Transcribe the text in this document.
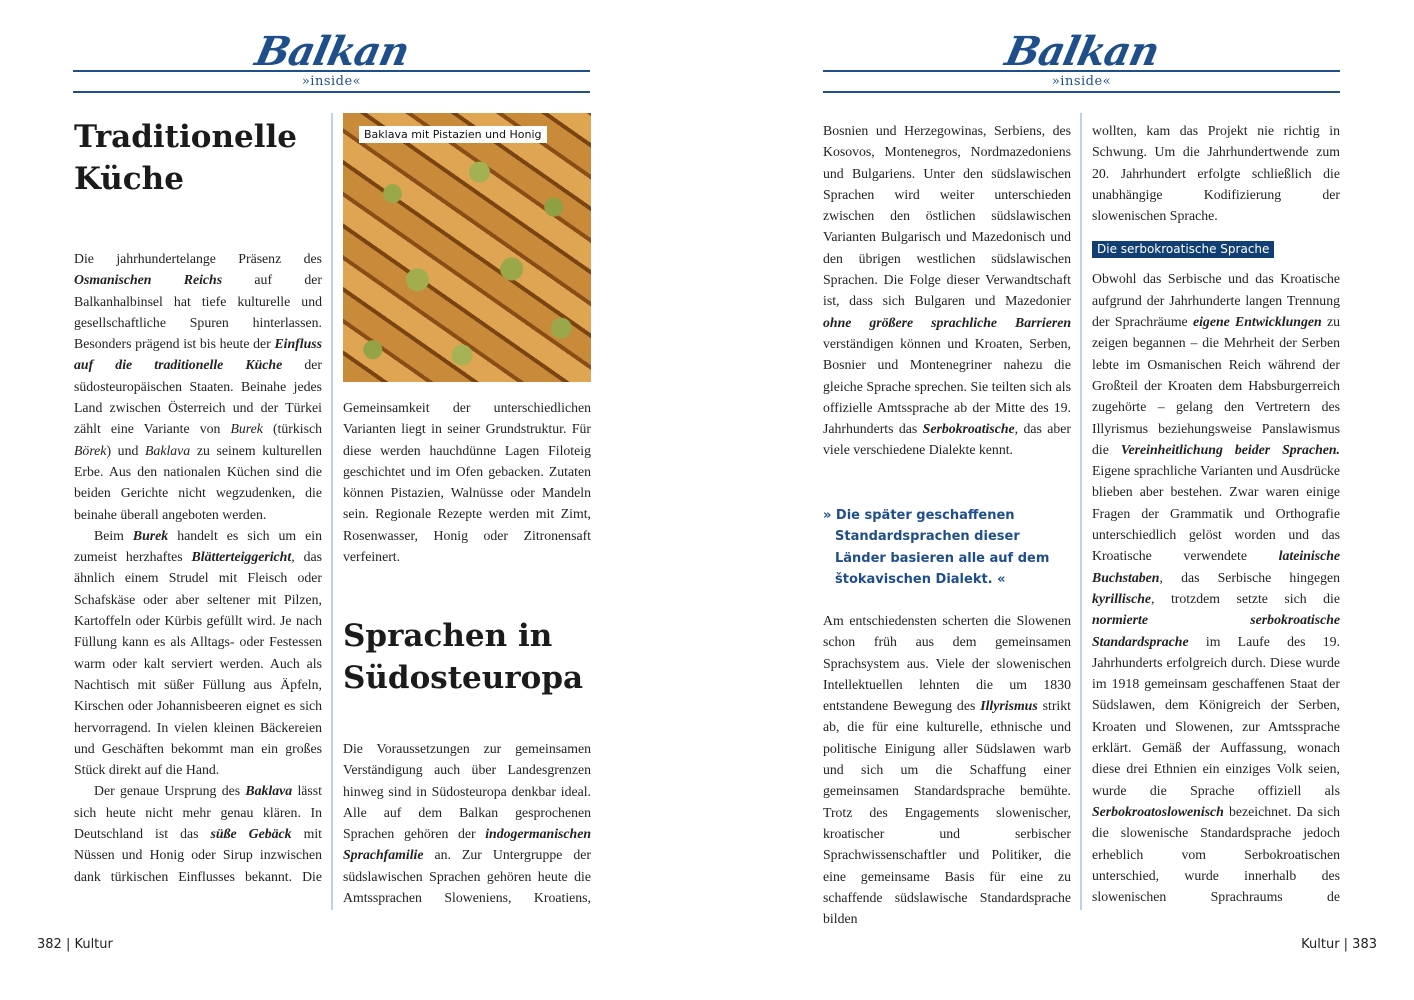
Balkan
»inside«
Balkan
»inside«
Traditionelle Küche

Die jahrhundertelange Präsenz des Osmanischen Reichs auf der Balkanhalbinsel hat tiefe kulturelle und gesellschaftliche Spuren hinterlassen. Besonders prägend ist bis heute der Einfluss auf die traditionelle Küche der südosteuropäischen Staaten. Beinahe jedes Land zwischen Österreich und der Türkei zählt eine Variante von Burek (türkisch Börek) und Baklava zu seinem kulturellen Erbe. Aus den nationalen Küchen sind die beiden Gerichte nicht wegzudenken, die beinahe überall angeboten werden.

Beim Burek handelt es sich um ein zumeist herzhaftes Blätterteiggericht, das ähnlich einem Strudel mit Fleisch oder Schafskäse oder aber seltener mit Pilzen, Kartoffeln oder Kürbis gefüllt wird. Je nach Füllung kann es als Alltags- oder Festessen warm oder kalt serviert werden. Auch als Nachtisch mit süßer Füllung aus Äpfeln, Kirschen oder Johannisbeeren eignet es sich hervorragend. In vielen kleinen Bäckereien und Geschäften bekommt man ein großes Stück direkt auf die Hand.

Der genaue Ursprung des Baklava lässt sich heute nicht mehr genau klären. In Deutschland ist das süße Gebäck mit Nüssen und Honig oder Sirup inzwischen dank türkischen Einflusses bekannt. Die

Baklava mit Pistazien und Honig

Gemeinsamkeit der unterschiedlichen Varianten liegt in seiner Grundstruktur. Für diese werden hauchdünne Lagen Filoteig geschichtet und im Ofen gebacken. Zutaten können Pistazien, Walnüsse oder Mandeln sein. Regionale Rezepte werden mit Zimt, Rosenwasser, Honig oder Zitronensaft verfeinert.

Sprachen in Südosteuropa

Die Voraussetzungen zur gemeinsamen Verständigung auch über Landesgrenzen hinweg sind in Südosteuropa denkbar ideal. Alle auf dem Balkan gesprochenen Sprachen gehören der indogermanischen Sprachfamilie an. Zur Untergruppe der südslawischen Sprachen gehören heute die Amtssprachen Sloweniens, Kroatiens,

382 | Kultur

Bosnien und Herzegowinas, Serbiens, des Kosovos, Montenegros, Nordmazedoniens und Bulgariens. Unter den südslawischen Sprachen wird weiter unterschieden zwischen den östlichen südslawischen Varianten Bulgarisch und Mazedonisch und den übrigen westlichen südslawischen Sprachen. Die Folge dieser Verwandtschaft ist, dass sich Bulgaren und Mazedonier ohne größere sprachliche Barrieren verständigen können und Kroaten, Serben, Bosnier und Montenegriner nahezu die gleiche Sprache sprechen. Sie teilten sich als offizielle Amtssprache ab der Mitte des 19. Jahrhunderts das Serbokroatische, das aber viele verschiedene Dialekte kennt.

» Die später geschaffenen Standardsprachen dieser Länder basieren alle auf dem štokavischen Dialekt. «

Am entschiedensten scherten die Slowenen schon früh aus dem gemeinsamen Sprachsystem aus. Viele der slowenischen Intellektuellen lehnten die um 1830 entstandene Bewegung des Illyrismus strikt ab, die für eine kulturelle, ethnische und politische Einigung aller Südslawen warb und sich um die Schaffung einer gemeinsamen Standardsprache bemühte. Trotz des Engagements slowenischer, kroatischer und serbischer Sprachwissenschaftler und Politiker, die eine gemeinsame Basis für eine zu schaffende südslawische Standardsprache bilden

wollten, kam das Projekt nie richtig in Schwung. Um die Jahrhundertwende zum 20. Jahrhundert erfolgte schließlich die unabhängige Kodifizierung der slowenischen Sprache.

Die serbokroatische Sprache

Obwohl das Serbische und das Kroatische aufgrund der Jahrhunderte langen Trennung der Sprachräume eigene Entwicklungen zu zeigen begannen – die Mehrheit der Serben lebte im Osmanischen Reich während der Großteil der Kroaten dem Habsburgerreich zugehörte – gelang den Vertretern des Illyrismus beziehungsweise Panslawismus die Vereinheitlichung beider Sprachen. Eigene sprachliche Varianten und Ausdrücke blieben aber bestehen. Zwar waren einige Fragen der Grammatik und Orthografie unterschiedlich gelöst worden und das Kroatische verwendete lateinische Buchstaben, das Serbische hingegen kyrillische, trotzdem setzte sich die normierte serbokroatische Standardsprache im Laufe des 19. Jahrhunderts erfolgreich durch. Diese wurde im 1918 gemeinsam geschaffenen Staat der Südslawen, dem Königreich der Serben, Kroaten und Slowenen, zur Amtssprache erklärt. Gemäß der Auffassung, wonach diese drei Ethnien ein einziges Volk seien, wurde die Sprache offiziell als Serbokroatoslowenisch bezeichnet. Da sich die slowenische Standardsprache jedoch erheblich vom Serbokroatischen unterschied, wurde innerhalb des slowenischen Sprachraums de

Kultur | 383
